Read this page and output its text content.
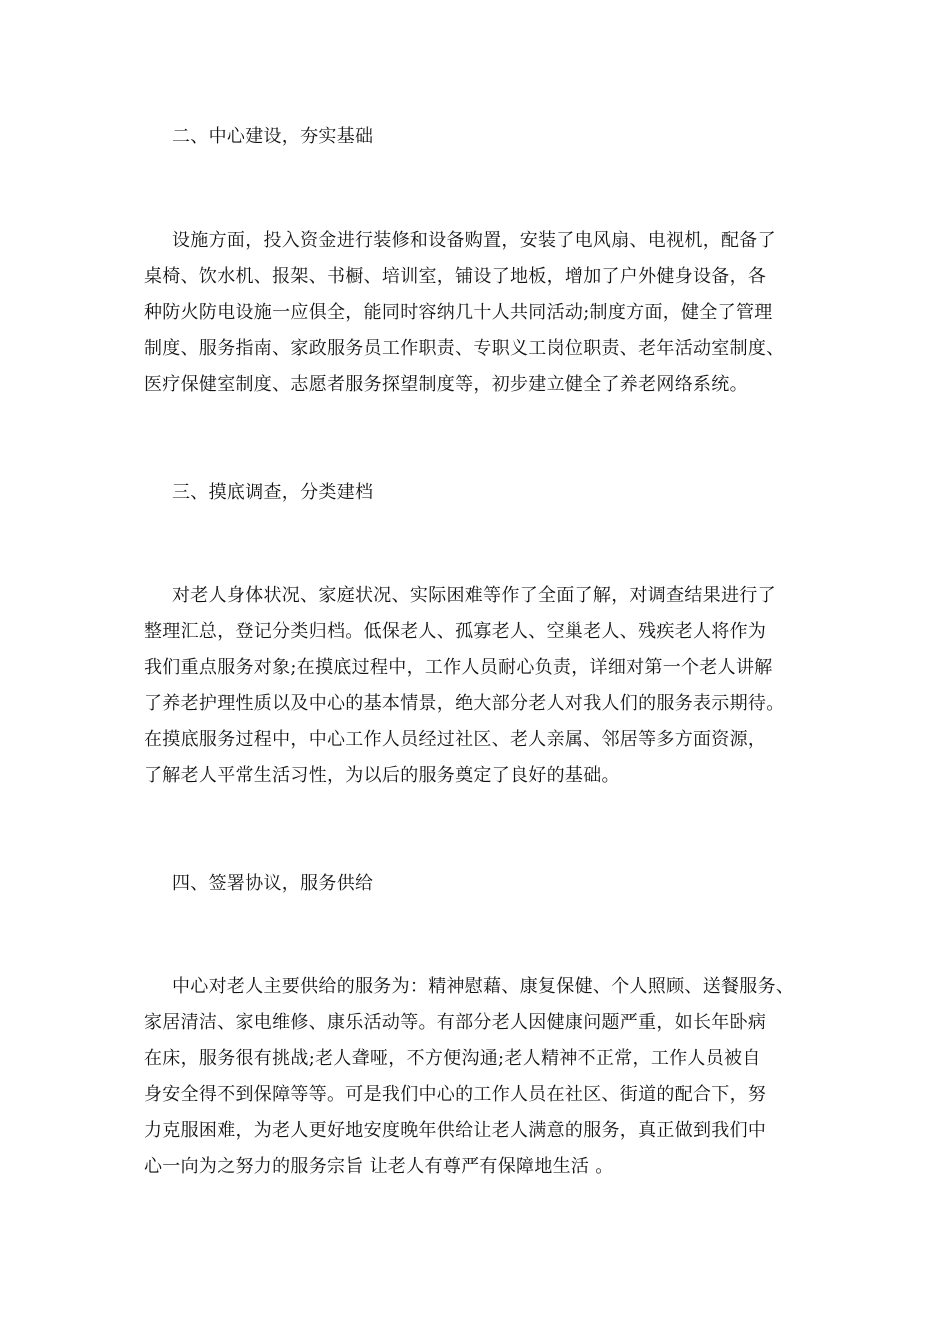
二、中心建设，夯实基础
设施方面，投入资金进行装修和设备购置，安装了电风扇、电视机，配备了
桌椅、饮水机、报架、书橱、培训室，铺设了地板，增加了户外健身设备，各
种防火防电设施一应俱全，能同时容纳几十人共同活动;制度方面，健全了管理
制度、服务指南、家政服务员工作职责、专职义工岗位职责、老年活动室制度、
医疗保健室制度、志愿者服务探望制度等，初步建立健全了养老网络系统。
三、摸底调查，分类建档
对老人身体状况、家庭状况、实际困难等作了全面了解，对调查结果进行了
整理汇总，登记分类归档。低保老人、孤寡老人、空巢老人、残疾老人将作为
我们重点服务对象;在摸底过程中，工作人员耐心负责，详细对第一个老人讲解
了养老护理性质以及中心的基本情景，绝大部分老人对我人们的服务表示期待。
在摸底服务过程中，中心工作人员经过社区、老人亲属、邻居等多方面资源，
了解老人平常生活习性，为以后的服务奠定了良好的基础。
四、签署协议，服务供给
中心对老人主要供给的服务为：精神慰藉、康复保健、个人照顾、送餐服务、
家居清洁、家电维修、康乐活动等。有部分老人因健康问题严重，如长年卧病
在床，服务很有挑战;老人聋哑，不方便沟通;老人精神不正常，工作人员被自
身安全得不到保障等等。可是我们中心的工作人员在社区、街道的配合下，努
力克服困难，为老人更好地安度晚年供给让老人满意的服务，真正做到我们中
心一向为之努力的服务宗旨 让老人有尊严有保障地生活 。
